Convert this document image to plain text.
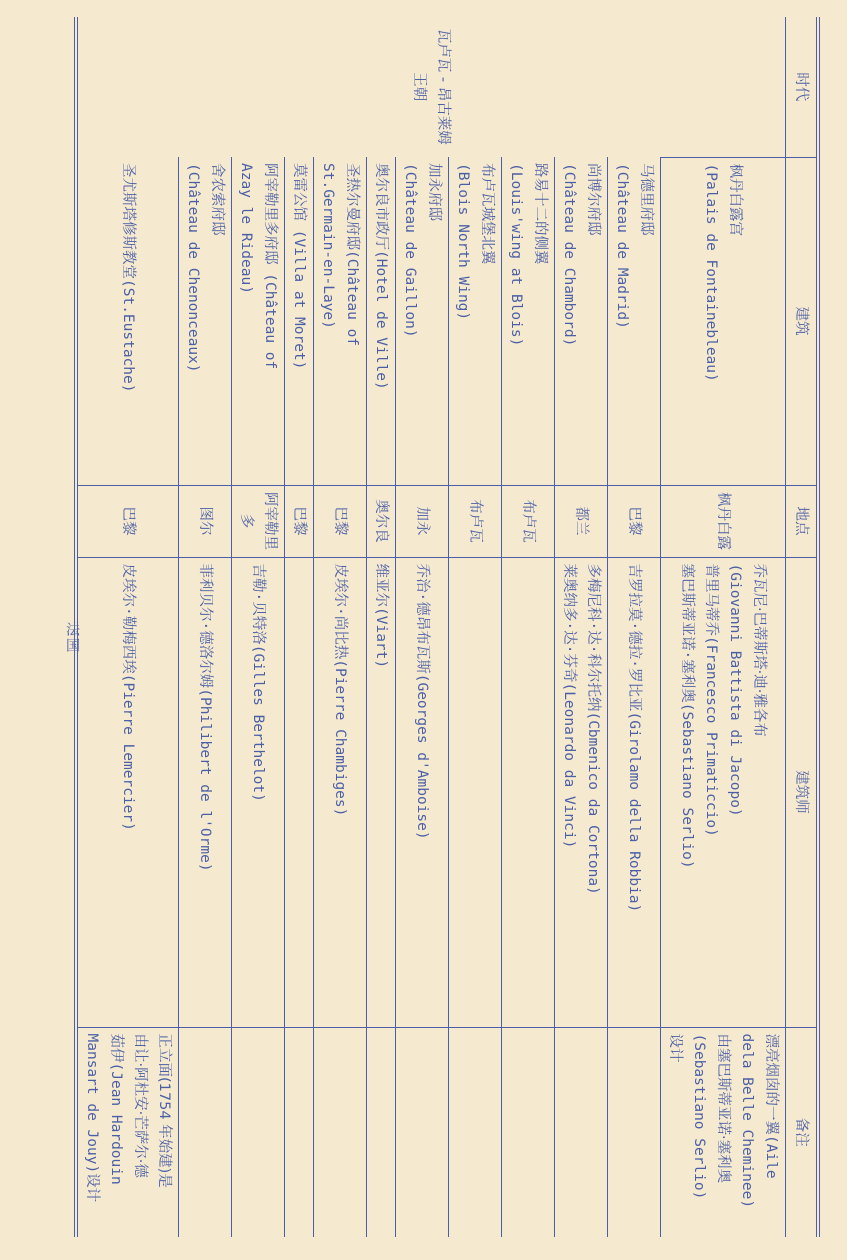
法国
时代	建筑	地点	建筑师	备注
瓦卢瓦 - 昂古莱姆王朝	枫丹白露宫
(Palais de Fontainebleau)	枫丹白露	乔瓦尼·巴蒂斯塔·迪·雅各布
(Giovanni Battista di Jacopo)
普里马蒂乔(Francesco Primaticcio)
塞巴斯蒂亚诺·塞利奥(Sebastiano Serlio)	漂亮烟囱的一翼(Aile
dela Belle Cheminee)
由塞巴斯蒂亚诺·塞利奥
(Sebastiano Serlio)
设计

	马德里府邸
(Château de Madrid)	巴黎	吉罗拉莫·德拉·罗比亚(Girolamo della Robbia)	

	尚博尔府邸
(Château de Chambord)	都兰	多梅尼科·达·科尔托纳(Cbmenico da Cortona)
莱奥纳多·达·芬奇(Leonardo da Vinci)	

	路易十二的侧翼
(Louis'wing at Blois)	布卢瓦		

	布卢瓦城堡北翼
(Blois North Wing)	布卢瓦		

	加永府邸
(Château de Gaillon)	加永	乔治·德昂布瓦斯(Georges d'Amboise)	

	奥尔良市政厅(Hotel de Ville)	奥尔良	维亚尔(Viart)	

	圣热尔曼府邸(Château of
St.Germain-en-Laye)	巴黎	皮埃尔·尚比热(Pierre Chambiges)	

	莫雷公馆 (Villa at Moret)	巴黎		

	阿宰勒里多府邸 (Château of
Azay le Rideau)	阿宰勒里多	吉勒·贝特洛(Gilles Berthelot)	

	舍农索府邸
(Château de Chenonceaux)	图尔	菲利贝尔·德洛尔姆(Philibert de l'Orme)	

	圣尤斯塔修斯教堂(St.Eustache)	巴黎	皮埃尔·勒梅西埃(Pierre Lemercier)	正立面(1754 年始建)是
由让·阿杜安·芒萨尔·德
茹伊(Jean Hardouin
Mansart de Jouy)设计
